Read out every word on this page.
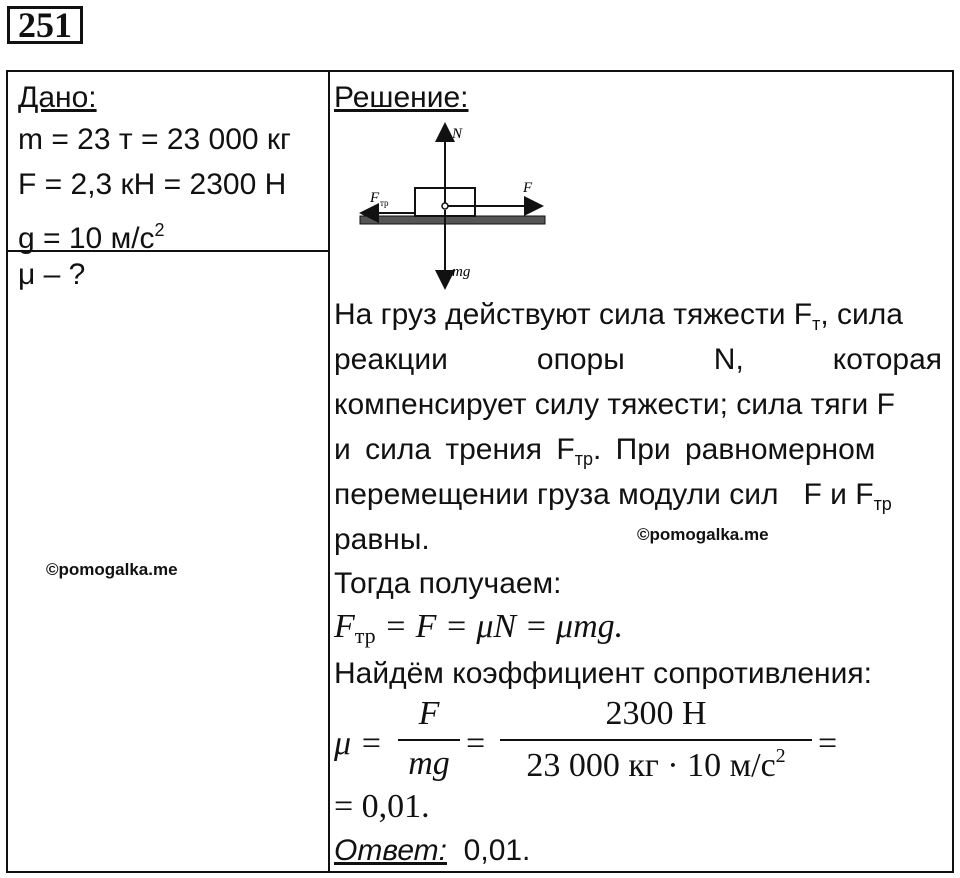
251
Дано:
m = 23 т = 23 000 кг
F = 2,3 кН = 2300 Н
g = 10 $м/с^2$
μ – ?
©pomogalka.me
Решение:
N
F
F тр
mg
На груз действуют сила тяжести $F_т$, сила
реакции опоры N, которая
компенсирует силу тяжести; сила тяги F
и сила трения $F_{тр}$. При равномерном
перемещении груза модули сил   F и $F_{тр}$
равны.	©pomogalka.me
Тогда получаем:
$F_{тр} = F = \mu N = \mu mg$.
Найдём коэффициент сопротивления:
μ =
F
mg
=
2300 Н
23 000 кг · 10 $м/с^2$ =
= 0,01.
Ответ: 0,01.
